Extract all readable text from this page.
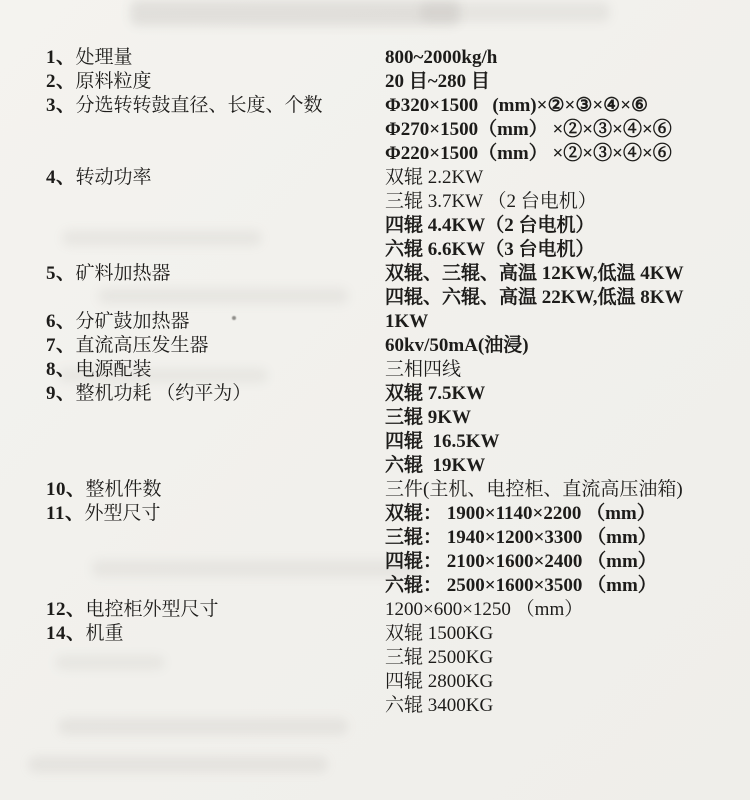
1、处理量	800~2000kg/h
2、原料粒度	20 目~280 目
3、分选转转鼓直径、长度、个数	Φ320×1500   (mm)×②×③×④×⑥
Φ270×1500（mm） ×②×③×④×⑥
Φ220×1500（mm） ×②×③×④×⑥
4、转动功率	双辊 2.2KW
三辊 3.7KW （2 台电机）
四辊 4.4KW（2 台电机）
六辊 6.6KW（3 台电机）
5、矿料加热器	双辊、三辊、高温 12KW,低温 4KW
四辊、六辊、高温 22KW,低温 8KW
6、分矿鼓加热器	1KW
7、直流高压发生器	60kv/50mA(油浸)
8、电源配装	三相四线
9、整机功耗 （约平为）	双辊 7.5KW
三辊 9KW
四辊  16.5KW
六辊  19KW
10、整机件数	三件(主机、电控柜、直流高压油箱)
11、外型尺寸	双辊： 1900×1140×2200 （mm）
三辊： 1940×1200×3300 （mm）
四辊： 2100×1600×2400 （mm）
六辊： 2500×1600×3500 （mm）
12、电控柜外型尺寸	1200×600×1250 （mm）
14、机重	双辊 1500KG
三辊 2500KG
四辊 2800KG
六辊 3400KG
